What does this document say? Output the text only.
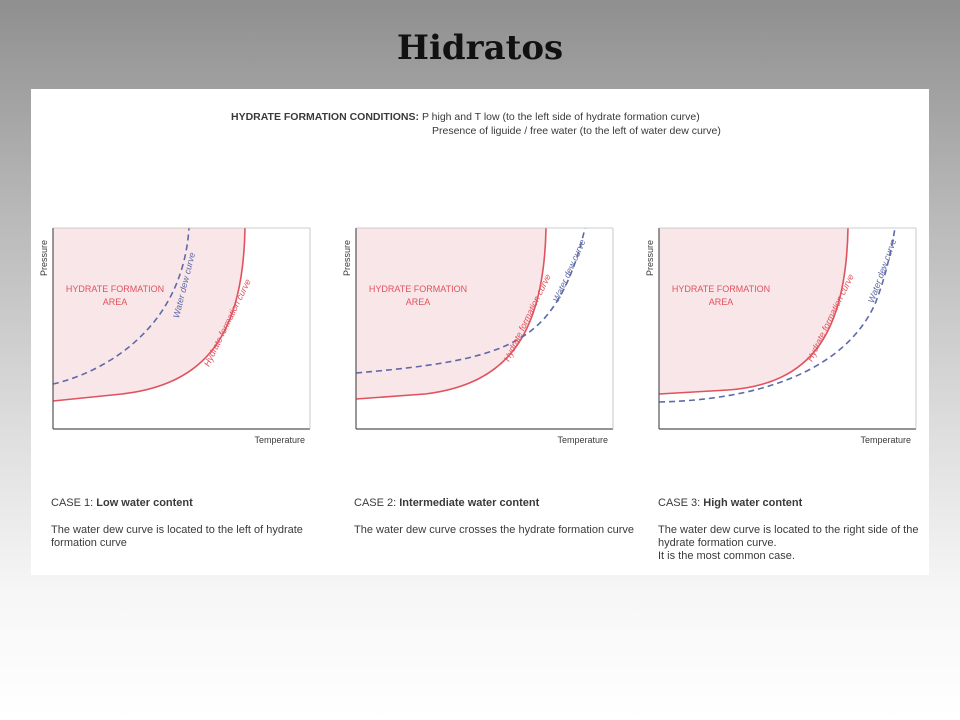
Hidratos
HYDRATE FORMATION CONDITIONS: P high and T low (to the left side of hydrate formation curve)
Presence of liguide / free water (to the left of water dew curve)
Pressure
Temperature
HYDRATE FORMATION
AREA	Water dew curve Hydrate formation curve
Pressure
Temperature
HYDRATE FORMATION
AREA	Hydrate formation curve
Water dew curve	Pressure
Temperature
HYDRATE FORMATION
AREA	Hydrate formation curve
Water dew curve
CASE 1: Low water content
The water dew curve is located to the left of hydrate formation curve
CASE 2: Intermediate water content
The water dew curve crosses the hydrate formation curve
CASE 3: High water content
The water dew curve is located to the right side of the
hydrate formation curve.
It is the most common case.
